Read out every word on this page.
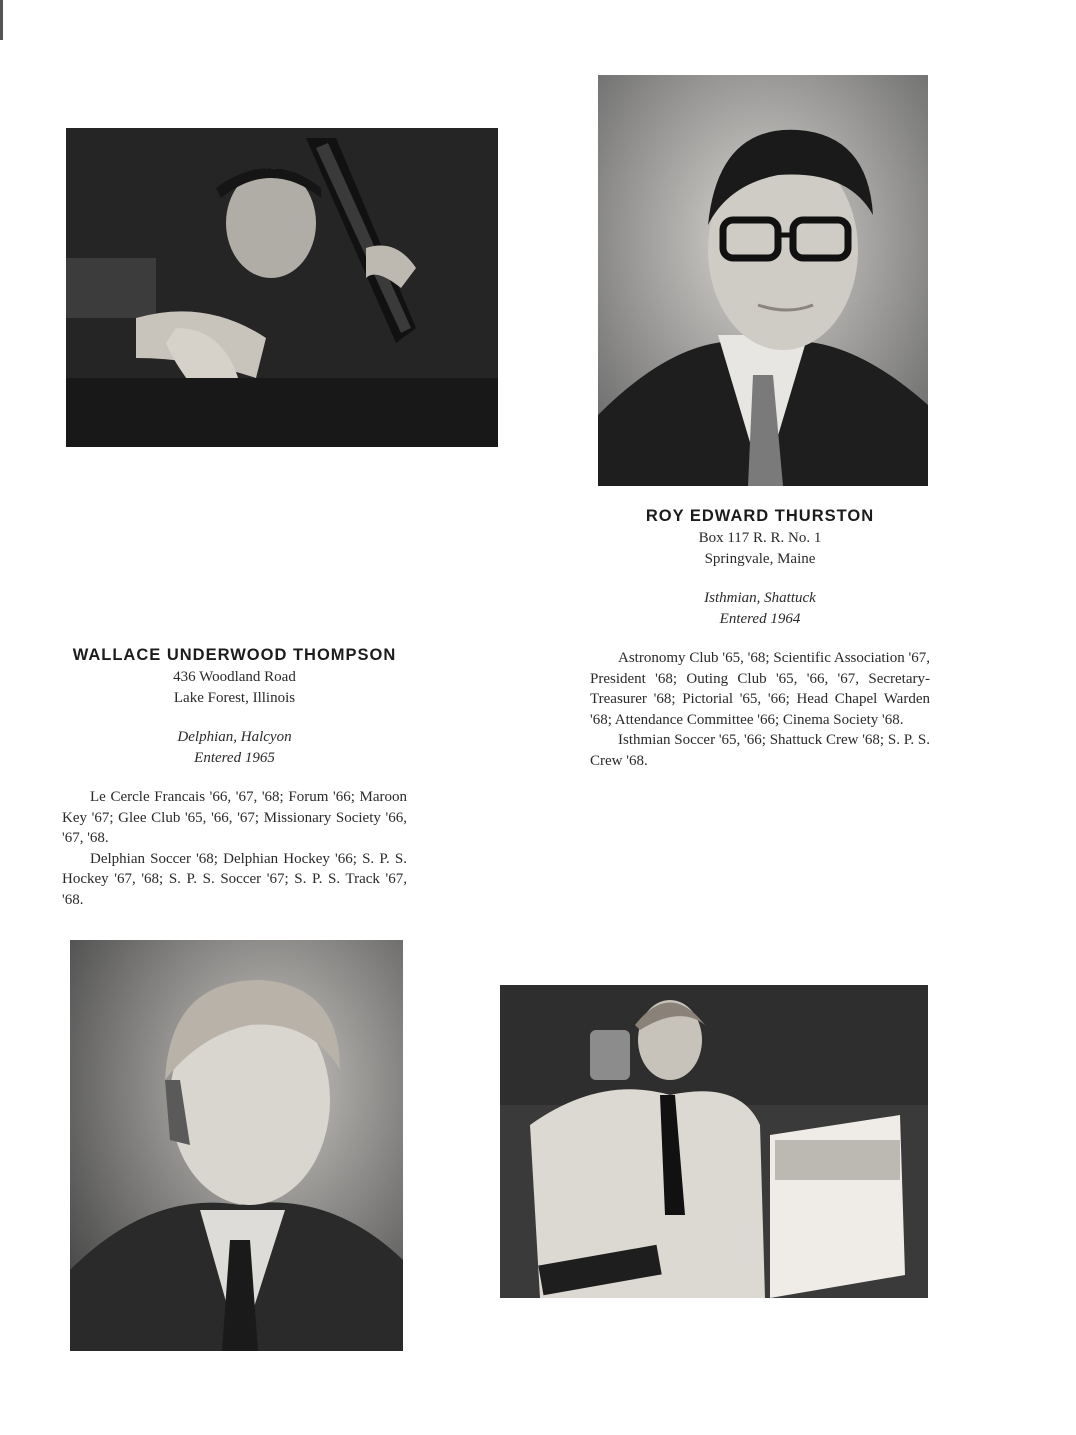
ROY EDWARD THURSTON
Box 117 R. R. No. 1
Springvale, Maine
Isthmian, Shattuck
Entered 1964

Astronomy Club '65, '68; Scientific Association '67, President '68; Outing Club '65, '66, '67, Secretary-Treasurer '68; Pictorial '65, '66; Head Chapel Warden '68; Attendance Committee '66; Cinema Society '68.

Isthmian Soccer '65, '66; Shattuck Crew '68; S. P. S. Crew '68.

WALLACE UNDERWOOD THOMPSON
436 Woodland Road
Lake Forest, Illinois
Delphian, Halcyon
Entered 1965

Le Cercle Francais '66, '67, '68; Forum '66; Maroon Key '67; Glee Club '65, '66, '67; Missionary Society '66, '67, '68.

Delphian Soccer '68; Delphian Hockey '66; S. P. S. Hockey '67, '68; S. P. S. Soccer '67; S. P. S. Track '67, '68.
